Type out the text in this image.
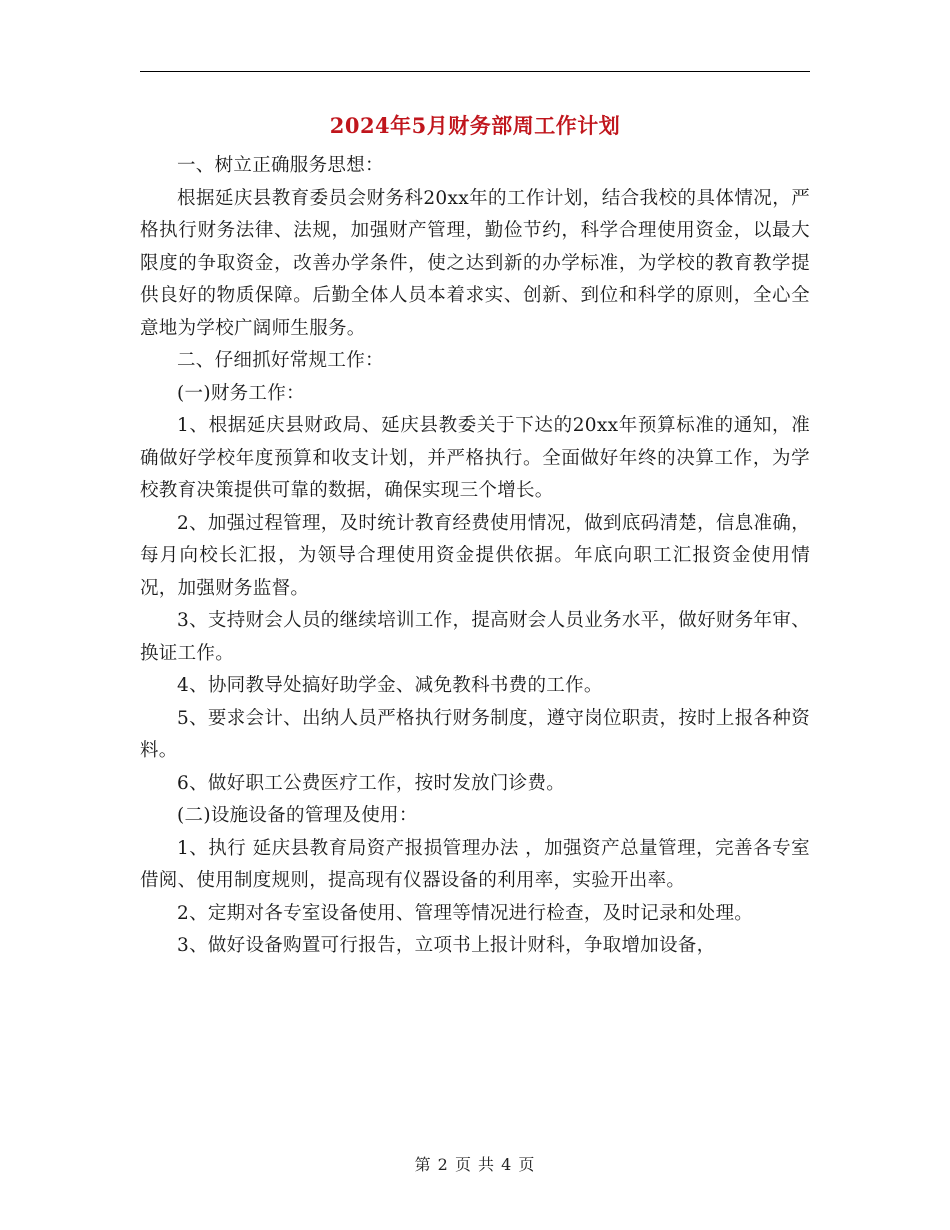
2024年5月财务部周工作计划

一、树立正确服务思想：

根据延庆县教育委员会财务科20xx年的工作计划，结合我校的具体情况，严格执行财务法律、法规，加强财产管理，勤俭节约，科学合理使用资金，以最大限度的争取资金，改善办学条件，使之达到新的办学标准，为学校的教育教学提供良好的物质保障。后勤全体人员本着求实、创新、到位和科学的原则，全心全意地为学校广阔师生服务。

二、仔细抓好常规工作：

(一)财务工作：

1、根据延庆县财政局、延庆县教委关于下达的20xx年预算标准的通知，准确做好学校年度预算和收支计划，并严格执行。全面做好年终的决算工作，为学校教育决策提供可靠的数据，确保实现三个增长。

2、加强过程管理，及时统计教育经费使用情况，做到底码清楚，信息准确，每月向校长汇报，为领导合理使用资金提供依据。年底向职工汇报资金使用情况，加强财务监督。

3、支持财会人员的继续培训工作，提高财会人员业务水平，做好财务年审、换证工作。

4、协同教导处搞好助学金、减免教科书费的工作。

5、要求会计、出纳人员严格执行财务制度，遵守岗位职责，按时上报各种资料。

6、做好职工公费医疗工作，按时发放门诊费。

(二)设施设备的管理及使用：

1、执行 延庆县教育局资产报损管理办法 ，加强资产总量管理，完善各专室借阅、使用制度规则，提高现有仪器设备的利用率，实验开出率。

2、定期对各专室设备使用、管理等情况进行检查，及时记录和处理。

3、做好设备购置可行报告，立项书上报计财科，争取增加设备，

第 2 页 共 4 页
